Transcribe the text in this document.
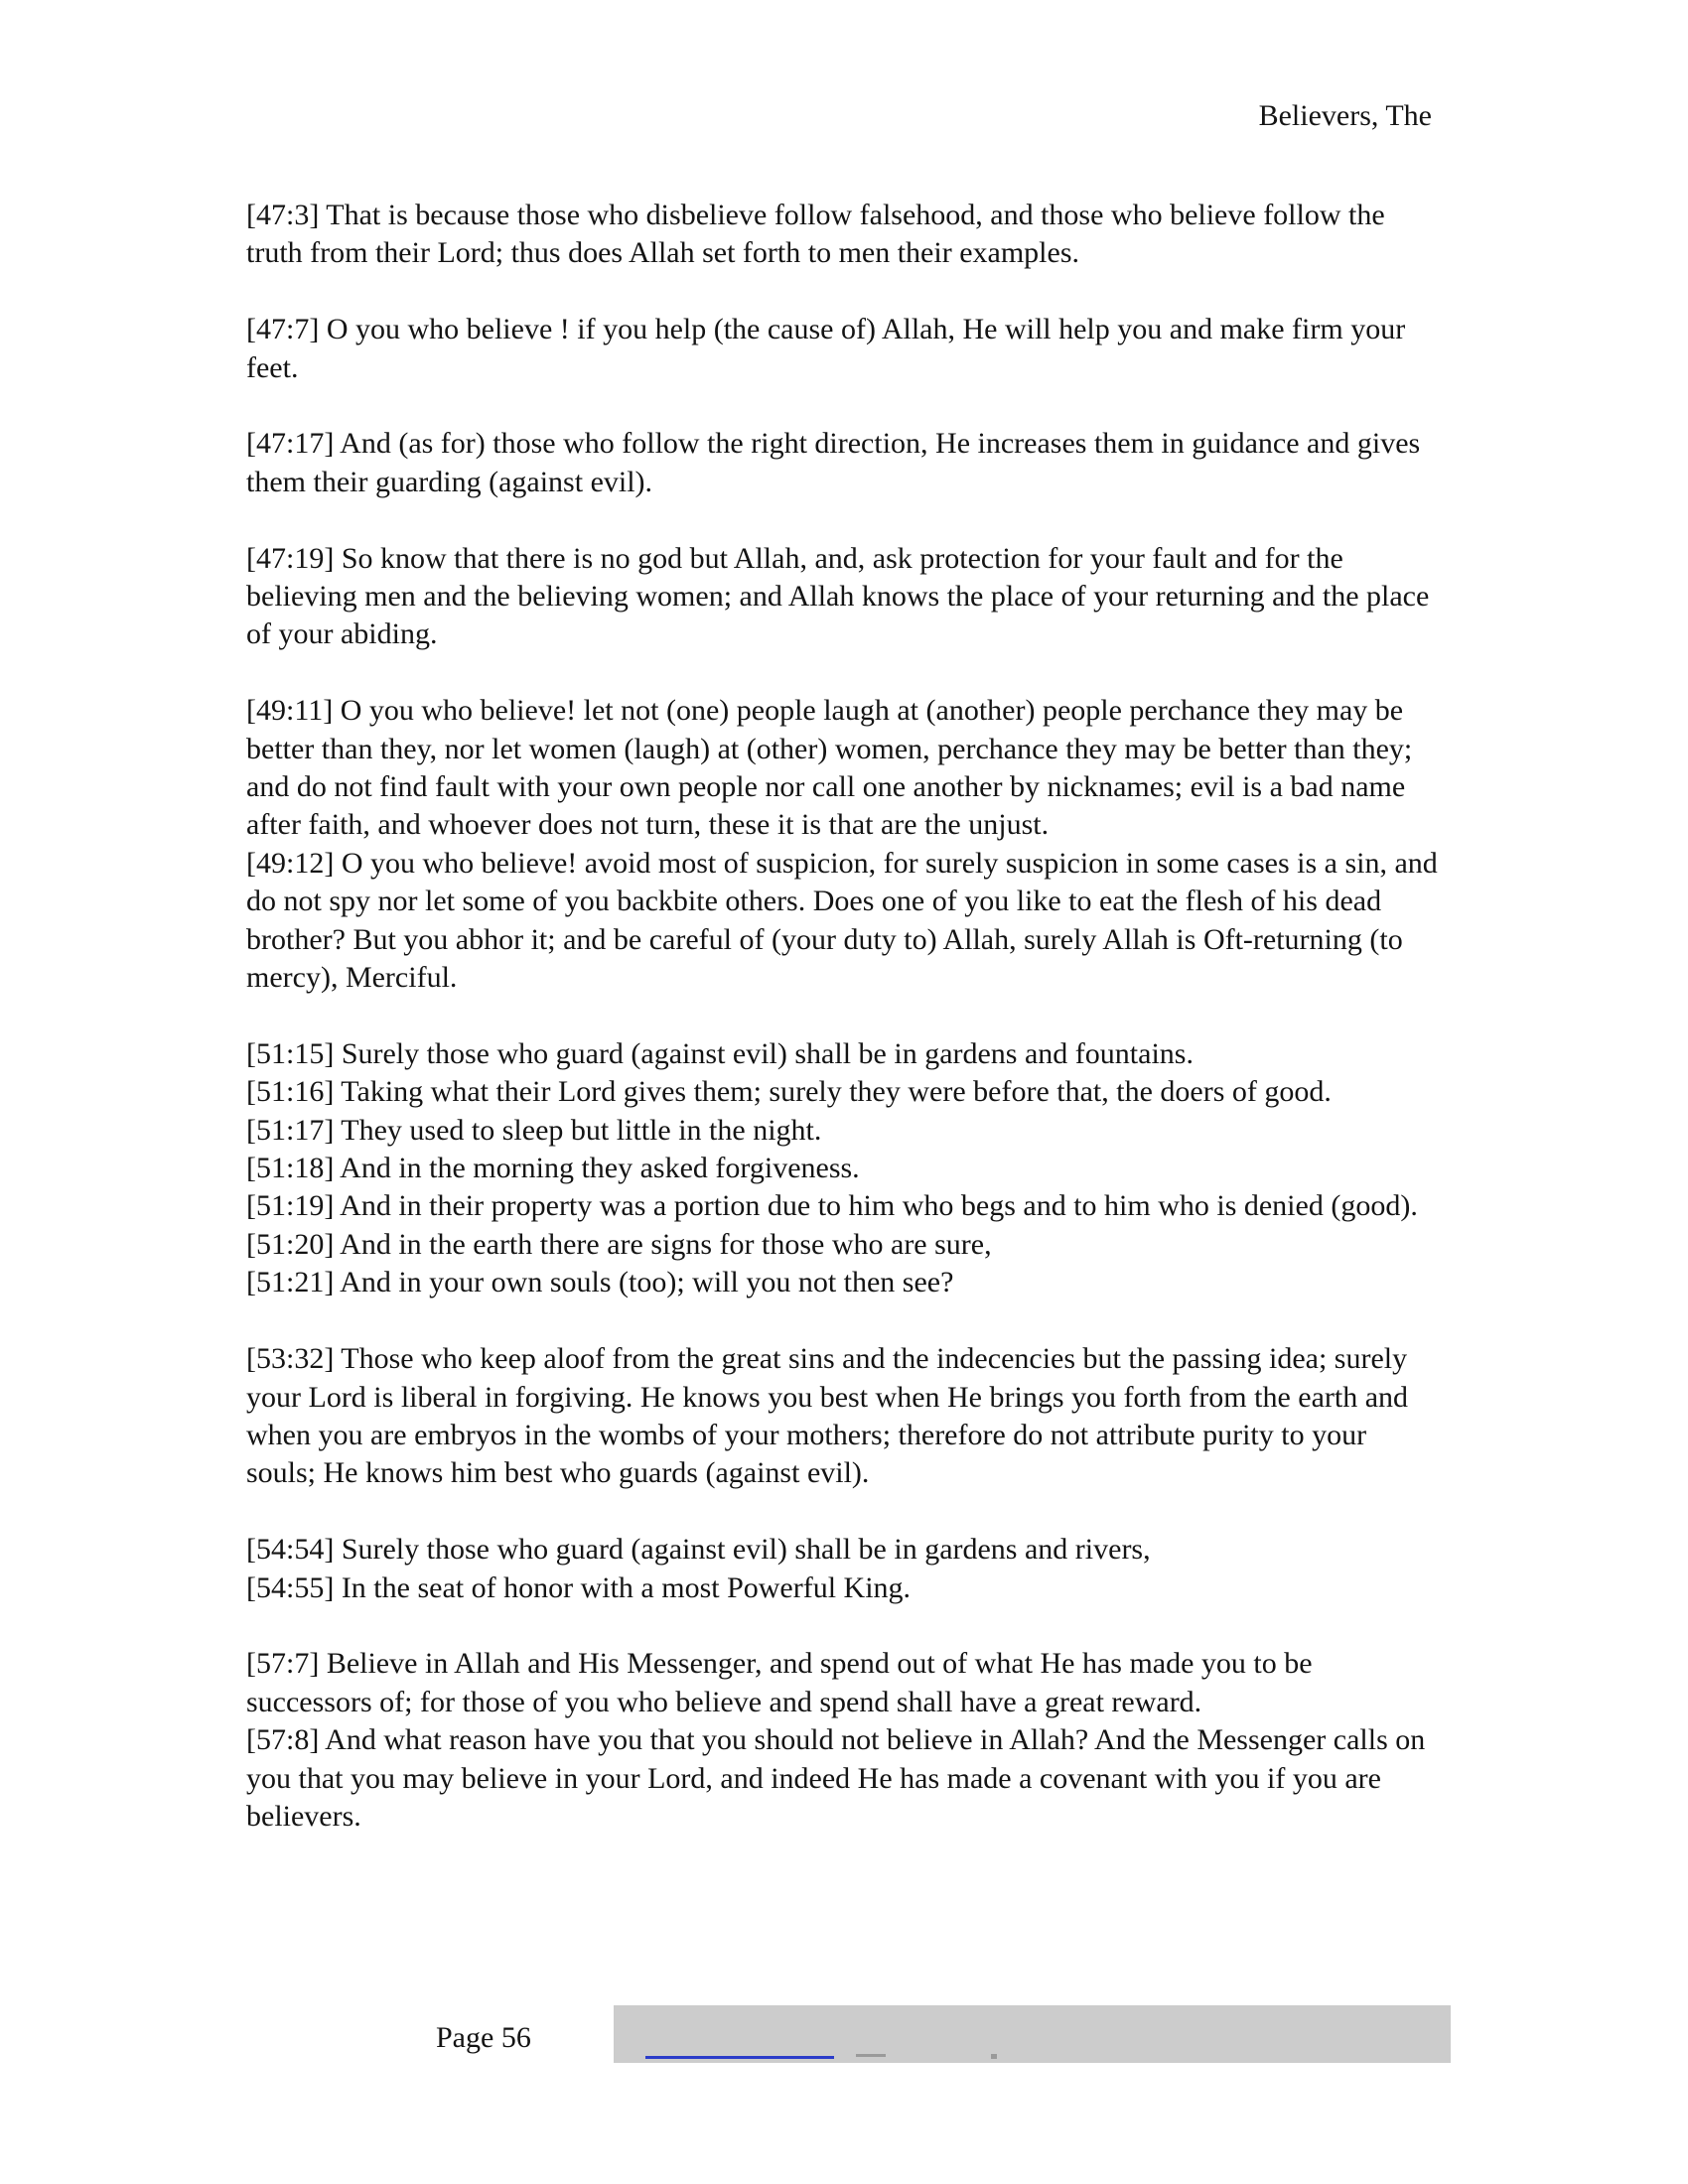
Believers, The

[47:3] That is because those who disbelieve follow falsehood, and those who believe follow the truth from their Lord; thus does Allah set forth to men their examples.

[47:7] O you who believe ! if you help (the cause of) Allah, He will help you and make firm your feet.

[47:17] And (as for) those who follow the right direction, He increases them in guidance and gives them their guarding (against evil).

[47:19] So know that there is no god but Allah, and, ask protection for your fault and for the believing men and the believing women; and Allah knows the place of your returning and the place of your abiding.

[49:11] O you who believe! let not (one) people laugh at (another) people perchance they may be better than they, nor let women (laugh) at (other) women, perchance they may be better than they; and do not find fault with your own people nor call one another by nicknames; evil is a bad name after faith, and whoever does not turn, these it is that are the unjust.

[49:12] O you who believe! avoid most of suspicion, for surely suspicion in some cases is a sin, and do not spy nor let some of you backbite others. Does one of you like to eat the flesh of his dead brother? But you abhor it; and be careful of (your duty to) Allah, surely Allah is Oft-returning (to mercy), Merciful.

[51:15] Surely those who guard (against evil) shall be in gardens and fountains.

[51:16] Taking what their Lord gives them; surely they were before that, the doers of good.

[51:17] They used to sleep but little in the night.

[51:18] And in the morning they asked forgiveness.

[51:19] And in their property was a portion due to him who begs and to him who is denied (good).

[51:20] And in the earth there are signs for those who are sure,

[51:21] And in your own souls (too); will you not then see?

[53:32] Those who keep aloof from the great sins and the indecencies but the passing idea; surely your Lord is liberal in forgiving. He knows you best when He brings you forth from the earth and when you are embryos in the wombs of your mothers; therefore do not attribute purity to your souls; He knows him best who guards (against evil).

[54:54] Surely those who guard (against evil) shall be in gardens and rivers,

[54:55] In the seat of honor with a most Powerful King.

[57:7] Believe in Allah and His Messenger, and spend out of what He has made you to be successors of; for those of you who believe and spend shall have a great reward.

[57:8] And what reason have you that you should not believe in Allah? And the Messenger calls on you that you may believe in your Lord, and indeed He has made a covenant with you if you are believers.

Page 56
